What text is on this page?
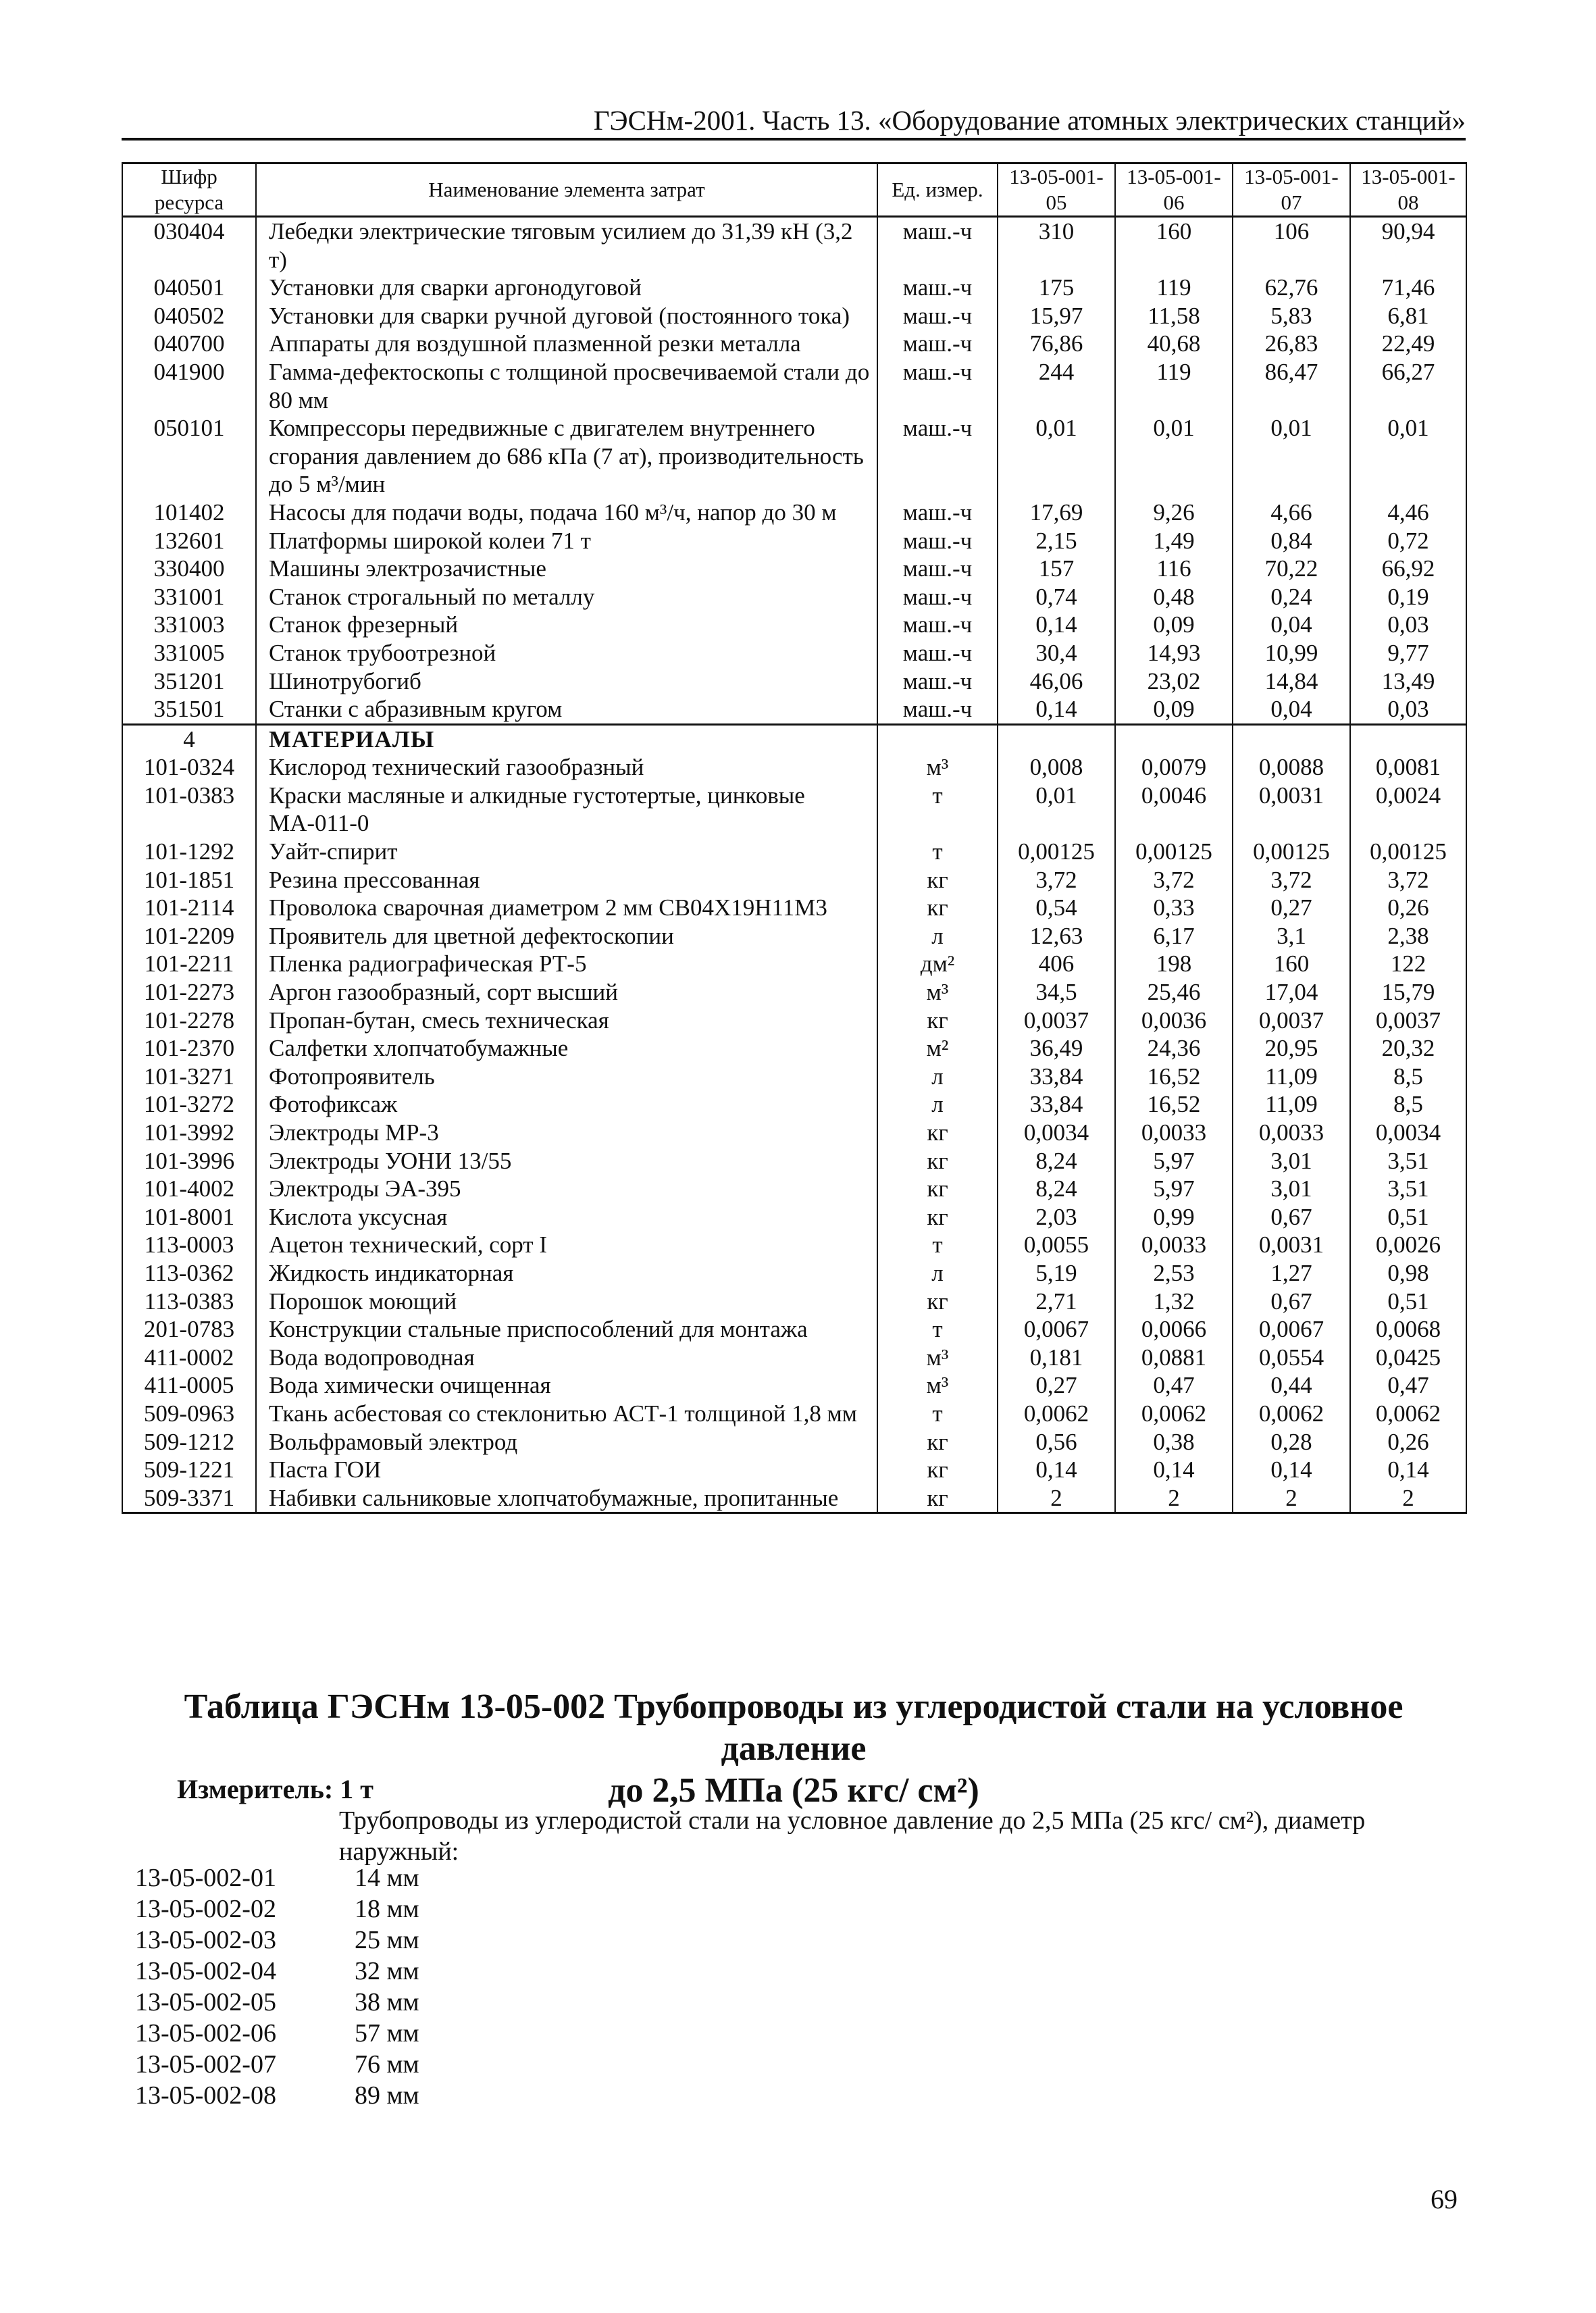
ГЭСНм-2001. Часть 13. «Оборудование атомных электрических станций»
Шифр ресурса	Наименование элемента затрат	Ед. измер.	13-05-001-05	13-05-001-06	13-05-001-07	13-05-001-08
030404	Лебедки электрические тяговым усилием до 31,39 кН (3,2 т)	маш.-ч	310	160	106	90,94
040501	Установки для сварки аргонодуговой	маш.-ч	175	119	62,76	71,46
040502	Установки для сварки ручной дуговой (постоянного тока)	маш.-ч	15,97	11,58	5,83	6,81
040700	Аппараты для воздушной плазменной резки металла	маш.-ч	76,86	40,68	26,83	22,49
041900	Гамма-дефектоскопы с толщиной просвечиваемой стали до 80 мм	маш.-ч	244	119	86,47	66,27
050101	Компрессоры передвижные с двигателем внутреннего сгорания давлением до 686 кПа (7 ат), производительность до 5 м³/мин	маш.-ч	0,01	0,01	0,01	0,01
101402	Насосы для подачи воды, подача 160 м³/ч, напор до 30 м	маш.-ч	17,69	9,26	4,66	4,46
132601	Платформы широкой колеи 71 т	маш.-ч	2,15	1,49	0,84	0,72
330400	Машины электрозачистные	маш.-ч	157	116	70,22	66,92
331001	Станок строгальный по металлу	маш.-ч	0,74	0,48	0,24	0,19
331003	Станок фрезерный	маш.-ч	0,14	0,09	0,04	0,03
331005	Станок трубоотрезной	маш.-ч	30,4	14,93	10,99	9,77
351201	Шинотрубогиб	маш.-ч	46,06	23,02	14,84	13,49
351501	Станки с абразивным кругом	маш.-ч	0,14	0,09	0,04	0,03
4	МАТЕРИАЛЫ					
101-0324	Кислород технический газообразный	м³	0,008	0,0079	0,0088	0,0081
101-0383	Краски масляные и алкидные густотертые, цинковые МА-011-0	т	0,01	0,0046	0,0031	0,0024
101-1292	Уайт-спирит	т	0,00125	0,00125	0,00125	0,00125
101-1851	Резина прессованная	кг	3,72	3,72	3,72	3,72
101-2114	Проволока сварочная диаметром 2 мм СВ04Х19Н11М3	кг	0,54	0,33	0,27	0,26
101-2209	Проявитель для цветной дефектоскопии	л	12,63	6,17	3,1	2,38
101-2211	Пленка радиографическая РТ-5	дм²	406	198	160	122
101-2273	Аргон газообразный, сорт высший	м³	34,5	25,46	17,04	15,79
101-2278	Пропан-бутан, смесь техническая	кг	0,0037	0,0036	0,0037	0,0037
101-2370	Салфетки хлопчатобумажные	м²	36,49	24,36	20,95	20,32
101-3271	Фотопроявитель	л	33,84	16,52	11,09	8,5
101-3272	Фотофиксаж	л	33,84	16,52	11,09	8,5
101-3992	Электроды МР-3	кг	0,0034	0,0033	0,0033	0,0034
101-3996	Электроды УОНИ 13/55	кг	8,24	5,97	3,01	3,51
101-4002	Электроды ЭА-395	кг	8,24	5,97	3,01	3,51
101-8001	Кислота уксусная	кг	2,03	0,99	0,67	0,51
113-0003	Ацетон технический, сорт I	т	0,0055	0,0033	0,0031	0,0026
113-0362	Жидкость индикаторная	л	5,19	2,53	1,27	0,98
113-0383	Порошок моющий	кг	2,71	1,32	0,67	0,51
201-0783	Конструкции стальные приспособлений для монтажа	т	0,0067	0,0066	0,0067	0,0068
411-0002	Вода водопроводная	м³	0,181	0,0881	0,0554	0,0425
411-0005	Вода химически очищенная	м³	0,27	0,47	0,44	0,47
509-0963	Ткань асбестовая со стеклонитью АСТ-1 толщиной 1,8 мм	т	0,0062	0,0062	0,0062	0,0062
509-1212	Вольфрамовый электрод	кг	0,56	0,38	0,28	0,26
509-1221	Паста ГОИ	кг	0,14	0,14	0,14	0,14
509-3371	Набивки сальниковые хлопчатобумажные, пропитанные	кг	2	2	2	2
Таблица ГЭСНм 13-05-002 Трубопроводы из углеродистой стали на условное давление
до 2,5 МПа (25 кгс/ см²)
Измеритель: 1 т
Трубопроводы из углеродистой стали на условное давление до 2,5 МПа (25 кгс/ см²), диаметр наружный:
13-05-002-01	14 мм
13-05-002-02	18 мм
13-05-002-03	25 мм
13-05-002-04	32 мм
13-05-002-05	38 мм
13-05-002-06	57 мм
13-05-002-07	76 мм
13-05-002-08	89 мм
69
